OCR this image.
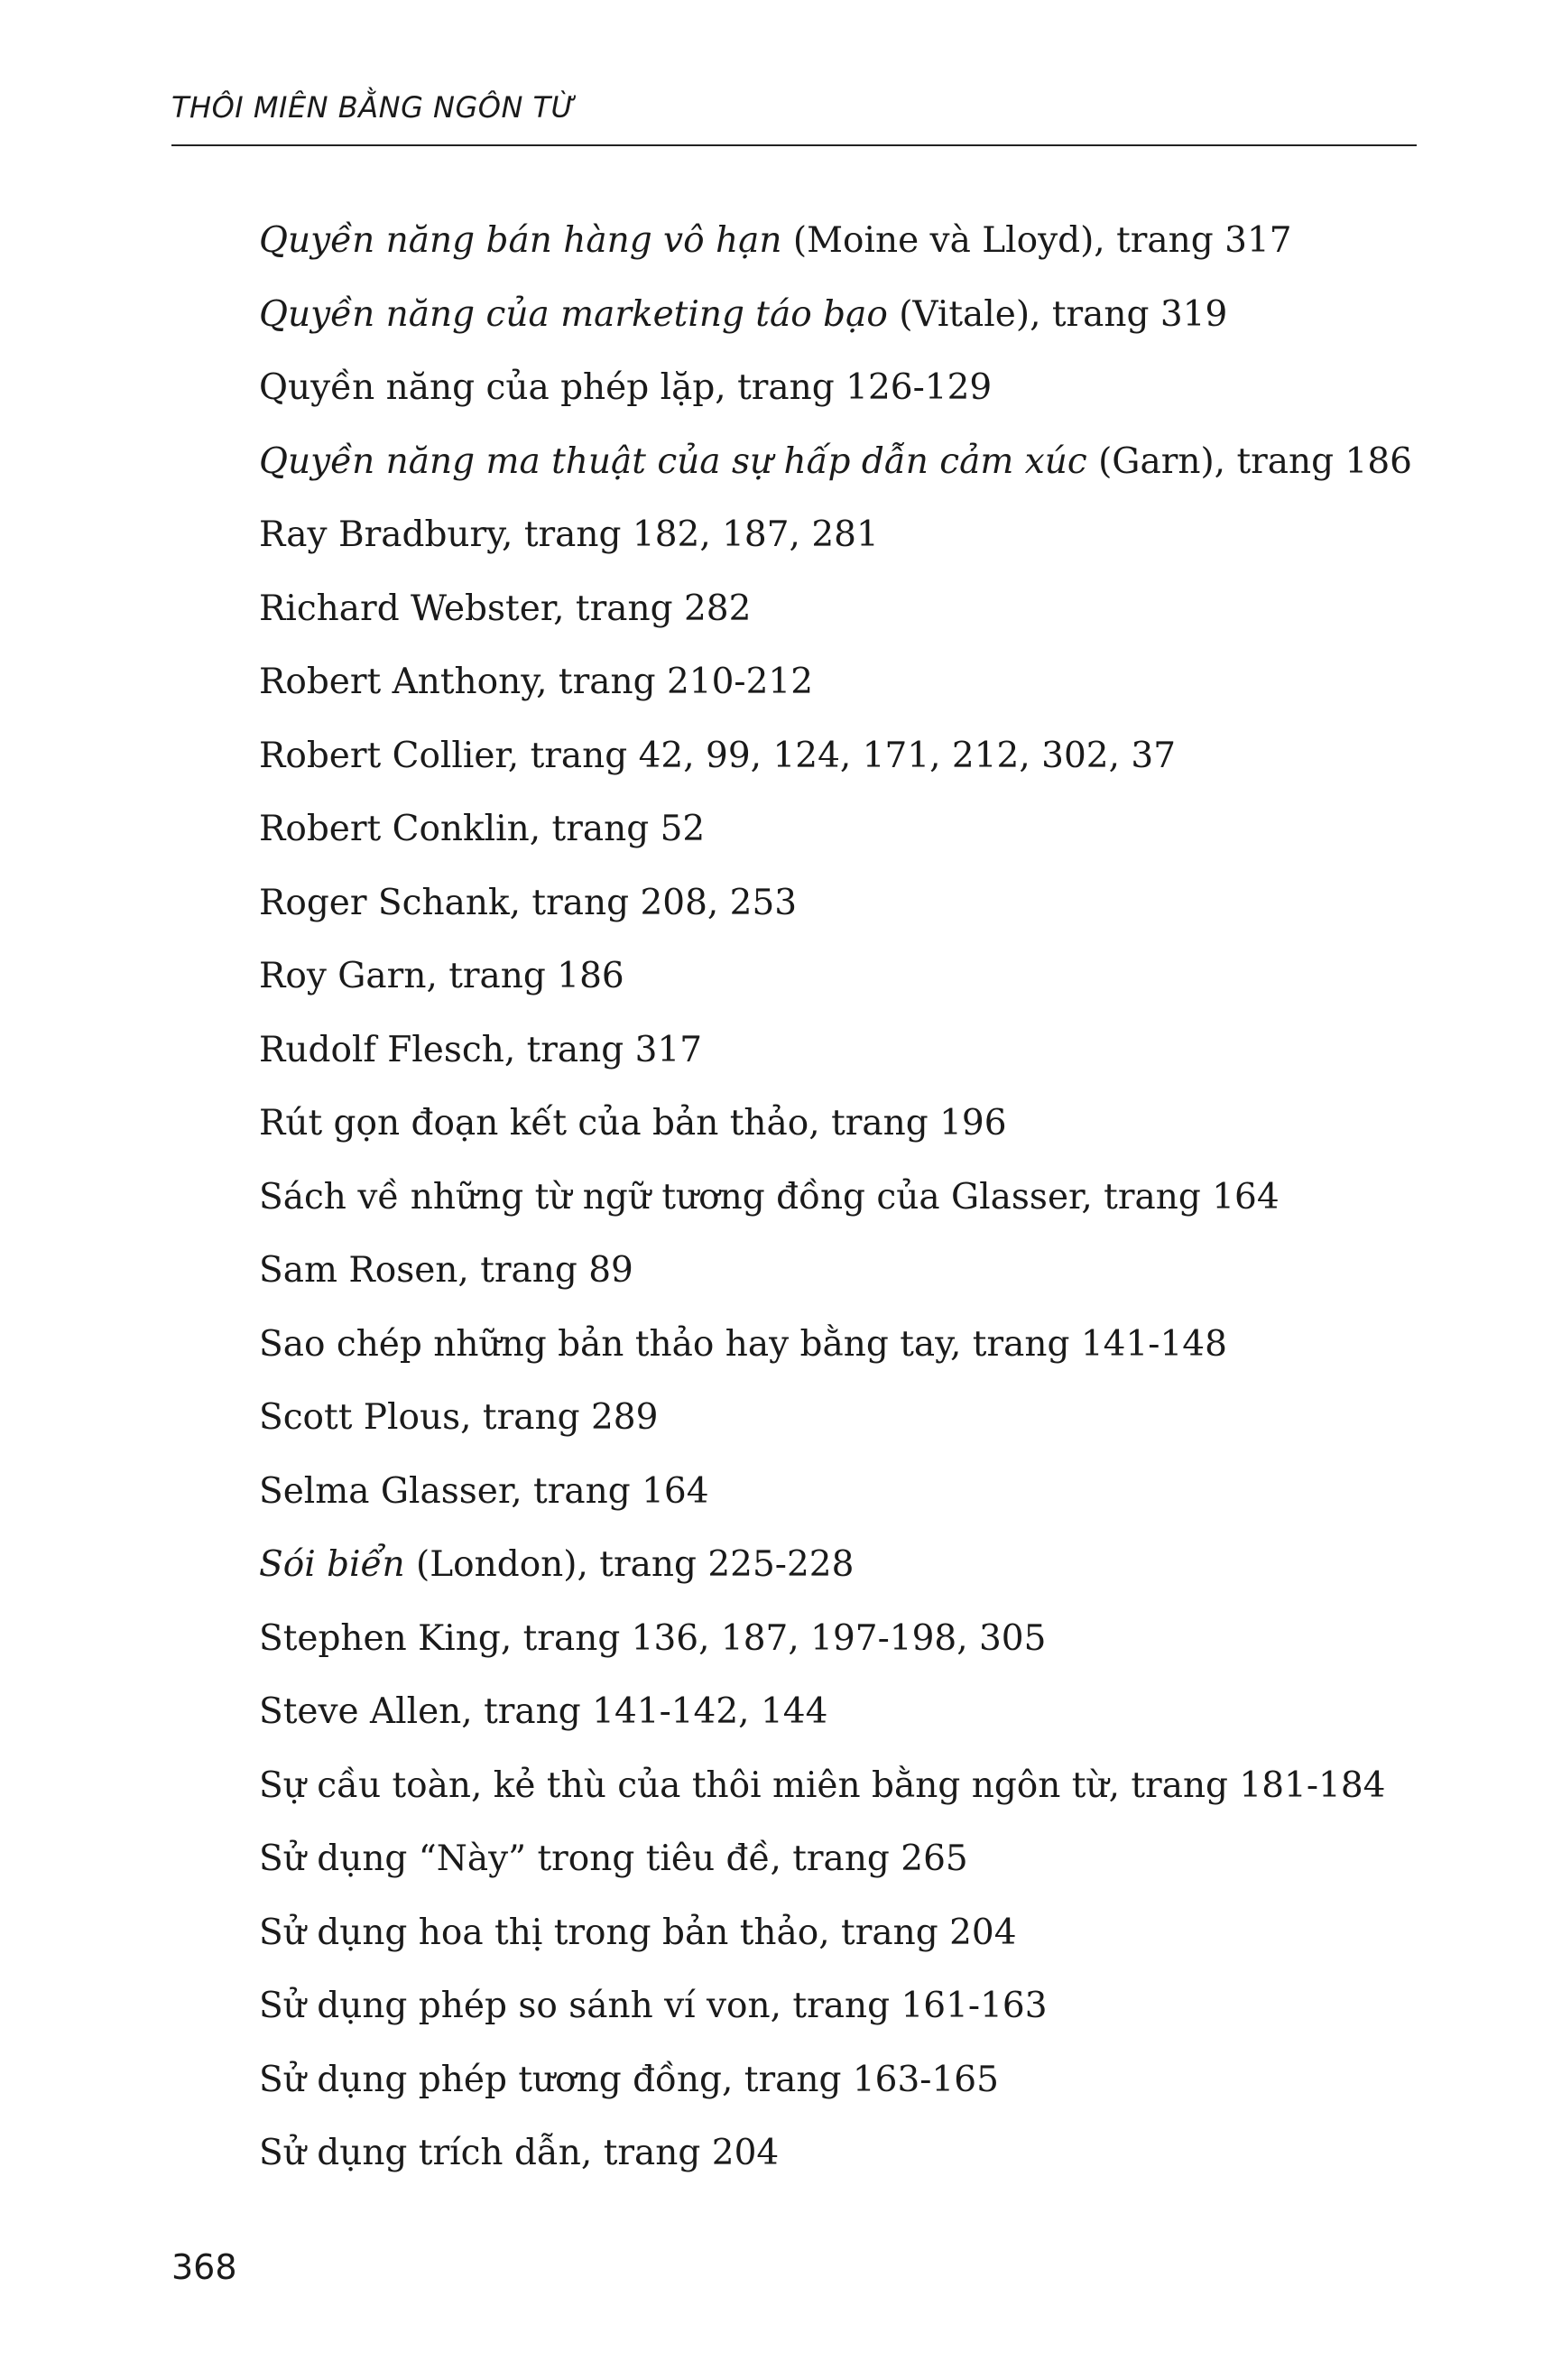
THÔI MIÊN BẰNG NGÔN TỪ
Quyền năng bán hàng vô hạn (Moine và Lloyd), trang 317
Quyền năng của marketing táo bạo (Vitale), trang 319
Quyền năng của phép lặp, trang 126-129
Quyền năng ma thuật của sự hấp dẫn cảm xúc (Garn), trang 186
Ray Bradbury, trang 182, 187, 281
Richard Webster, trang 282
Robert Anthony, trang 210-212
Robert Collier, trang 42, 99, 124, 171, 212, 302, 37
Robert Conklin, trang 52
Roger Schank, trang 208, 253
Roy Garn, trang 186
Rudolf Flesch, trang 317
Rút gọn đoạn kết của bản thảo, trang 196
Sách về những từ ngữ tương đồng của Glasser, trang 164
Sam Rosen, trang 89
Sao chép những bản thảo hay bằng tay, trang 141-148
Scott Plous, trang 289
Selma Glasser, trang 164
Sói biển (London), trang 225-228
Stephen King, trang 136, 187, 197-198, 305
Steve Allen, trang 141-142, 144
Sự cầu toàn, kẻ thù của thôi miên bằng ngôn từ, trang 181-184
Sử dụng “Này” trong tiêu đề, trang 265
Sử dụng hoa thị trong bản thảo, trang 204
Sử dụng phép so sánh ví von, trang 161-163
Sử dụng phép tương đồng, trang 163-165
Sử dụng trích dẫn, trang 204
368
